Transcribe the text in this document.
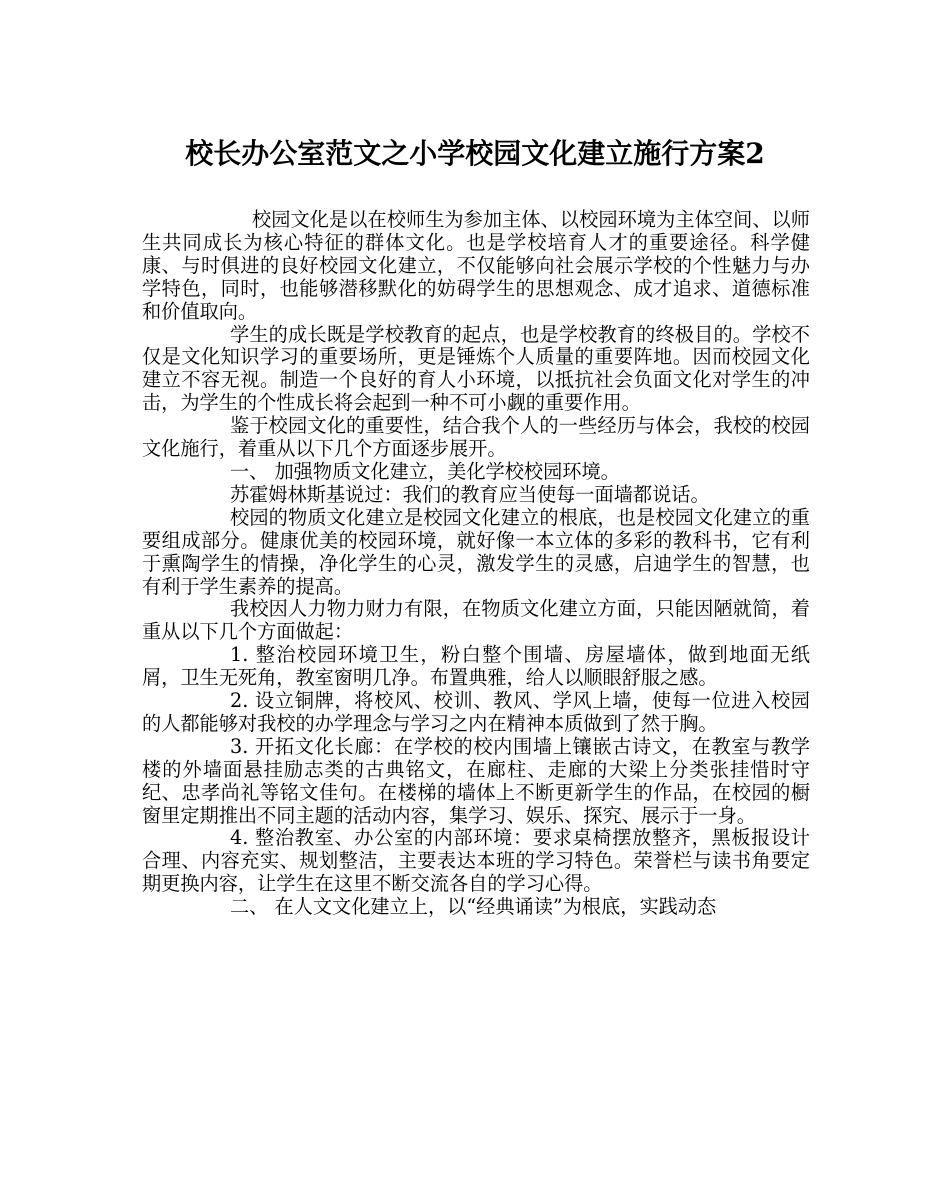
校长办公室范文之小学校园文化建立施行方案2

校园文化是以在校师生为参加主体、以校园环境为主体空间、以师生共同成长为核心特征的群体文化。也是学校培育人才的重要途径。科学健康、与时俱进的良好校园文化建立，不仅能够向社会展示学校的个性魅力与办学特色，同时，也能够潜移默化的妨碍学生的思想观念、成才追求、道德标准和价值取向。

学生的成长既是学校教育的起点，也是学校教育的终极目的。学校不仅是文化知识学习的重要场所，更是锤炼个人质量的重要阵地。因而校园文化建立不容无视。制造一个良好的育人小环境，以抵抗社会负面文化对学生的冲击，为学生的个性成长将会起到一种不可小觑的重要作用。

鉴于校园文化的重要性，结合我个人的一些经历与体会，我校的校园文化施行，着重从以下几个方面逐步展开。

一、 加强物质文化建立，美化学校校园环境。

苏霍姆林斯基说过：我们的教育应当使每一面墙都说话。

校园的物质文化建立是校园文化建立的根底，也是校园文化建立的重要组成部分。健康优美的校园环境，就好像一本立体的多彩的教科书，它有利于熏陶学生的情操，净化学生的心灵，激发学生的灵感，启迪学生的智慧，也有利于学生素养的提高。

我校因人力物力财力有限，在物质文化建立方面，只能因陋就简，着重从以下几个方面做起：

1. 整治校园环境卫生，粉白整个围墙、房屋墙体，做到地面无纸屑，卫生无死角，教室窗明几净。布置典雅，给人以顺眼舒服之感。

2. 设立铜牌，将校风、校训、教风、学风上墙，使每一位进入校园的人都能够对我校的办学理念与学习之内在精神本质做到了然于胸。

3. 开拓文化长廊：在学校的校内围墙上镶嵌古诗文，在教室与教学楼的外墙面悬挂励志类的古典铭文，在廊柱、走廊的大梁上分类张挂惜时守纪、忠孝尚礼等铭文佳句。在楼梯的墙体上不断更新学生的作品，在校园的橱窗里定期推出不同主题的活动内容，集学习、娱乐、探究、展示于一身。

4. 整治教室、办公室的内部环境：要求桌椅摆放整齐，黑板报设计合理、内容充实、规划整洁，主要表达本班的学习特色。荣誉栏与读书角要定期更换内容，让学生在这里不断交流各自的学习心得。

二、 在人文文化建立上，以“经典诵读”为根底，实践动态
